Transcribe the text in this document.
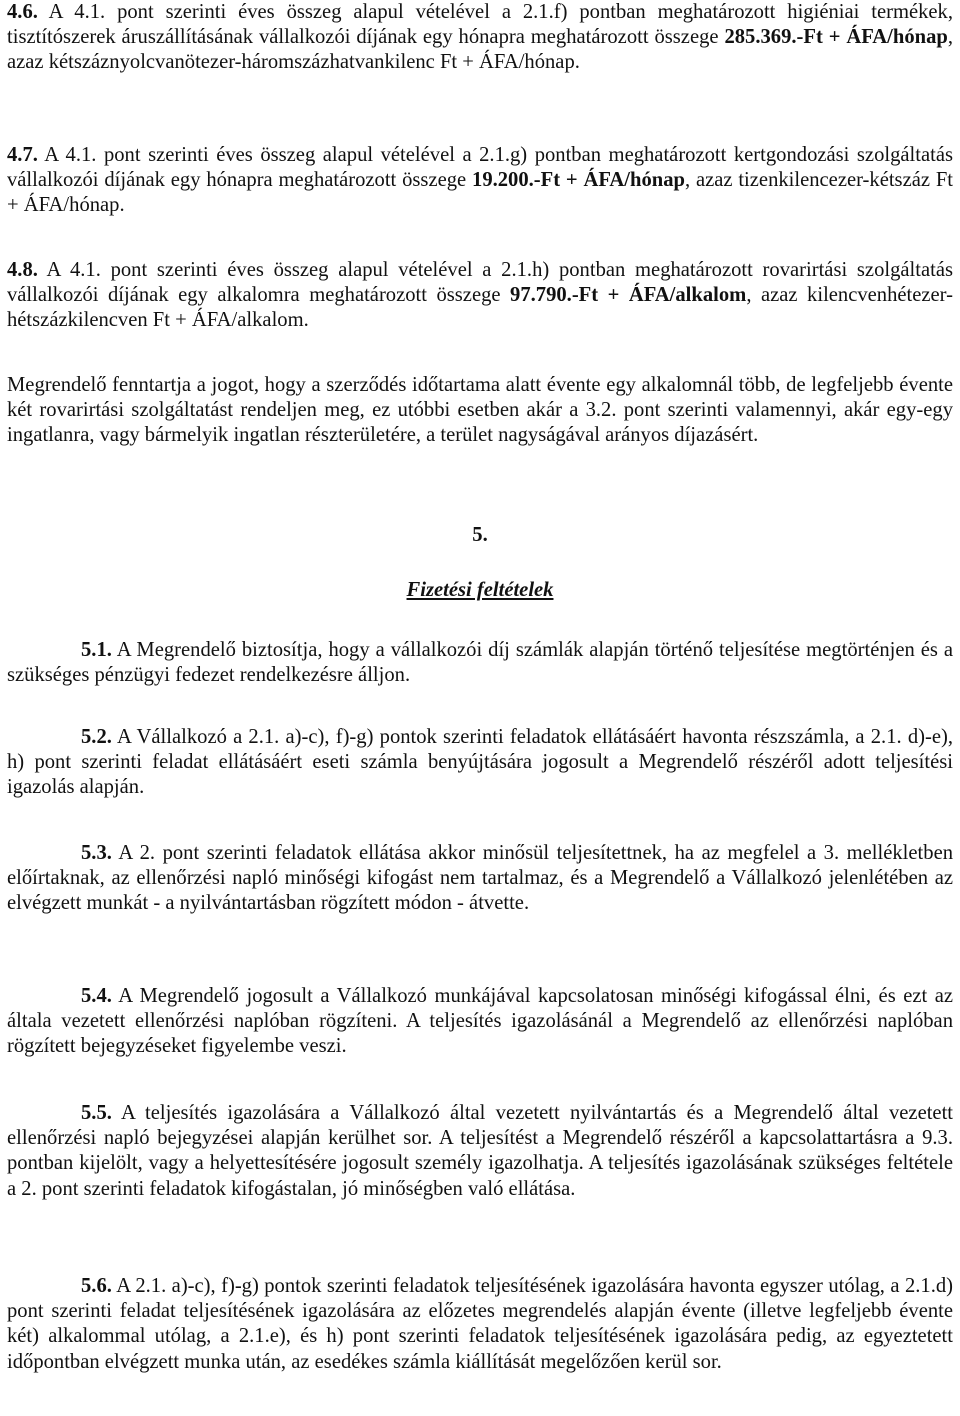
4.6. A 4.1. pont szerinti éves összeg alapul vételével a 2.1.f) pontban meghatározott higiéniai termékek, tisztítószerek áruszállításának vállalkozói díjának egy hónapra meghatározott összege 285.369.-Ft + ÁFA/hónap, azaz kétszáznyolcvanötezer-háromszázhatvankilenc Ft + ÁFA/hónap.

4.7. A 4.1. pont szerinti éves összeg alapul vételével a 2.1.g) pontban meghatározott kertgondozási szolgáltatás vállalkozói díjának egy hónapra meghatározott összege 19.200.-Ft + ÁFA/hónap, azaz tizenkilencezer-kétszáz Ft + ÁFA/hónap.

4.8. A 4.1. pont szerinti éves összeg alapul vételével a 2.1.h) pontban meghatározott rovarirtási szolgáltatás vállalkozói díjának egy alkalomra meghatározott összege 97.790.-Ft + ÁFA/alkalom, azaz kilencvenhétezer-hétszázkilencven Ft + ÁFA/alkalom.

Megrendelő fenntartja a jogot, hogy a szerződés időtartama alatt évente egy alkalomnál több, de legfeljebb évente két rovarirtási szolgáltatást rendeljen meg, ez utóbbi esetben akár a 3.2. pont szerinti valamennyi, akár egy-egy ingatlanra, vagy bármelyik ingatlan részterületére, a terület nagyságával arányos díjazásért.

5.

Fizetési feltételek

5.1. A Megrendelő biztosítja, hogy a vállalkozói díj számlák alapján történő teljesítése megtörténjen és a szükséges pénzügyi fedezet rendelkezésre álljon.

5.2. A Vállalkozó a 2.1. a)-c), f)-g) pontok szerinti feladatok ellátásáért havonta részszámla, a 2.1. d)-e), h) pont szerinti feladat ellátásáért eseti számla benyújtására jogosult a Megrendelő részéről adott teljesítési igazolás alapján.

5.3. A 2. pont szerinti feladatok ellátása akkor minősül teljesítettnek, ha az megfelel a 3. mellékletben előírtaknak, az ellenőrzési napló minőségi kifogást nem tartalmaz, és a Megrendelő a Vállalkozó jelenlétében az elvégzett munkát - a nyilvántartásban rögzített módon - átvette.

5.4. A Megrendelő jogosult a Vállalkozó munkájával kapcsolatosan minőségi kifogással élni, és ezt az általa vezetett ellenőrzési naplóban rögzíteni. A teljesítés igazolásánál a Megrendelő az ellenőrzési naplóban rögzített bejegyzéseket figyelembe veszi.

5.5. A teljesítés igazolására a Vállalkozó által vezetett nyilvántartás és a Megrendelő által vezetett ellenőrzési napló bejegyzései alapján kerülhet sor. A teljesítést a Megrendelő részéről a kapcsolattartásra a 9.3. pontban kijelölt, vagy a helyettesítésére jogosult személy igazolhatja. A teljesítés igazolásának szükséges feltétele a 2. pont szerinti feladatok kifogástalan, jó minőségben való ellátása.

5.6. A 2.1. a)-c), f)-g) pontok szerinti feladatok teljesítésének igazolására havonta egyszer utólag, a 2.1.d) pont szerinti feladat teljesítésének igazolására az előzetes megrendelés alapján évente (illetve legfeljebb évente két) alkalommal utólag, a 2.1.e), és h) pont szerinti feladatok teljesítésének igazolására pedig, az egyeztetett időpontban elvégzett munka után, az esedékes számla kiállítását megelőzően kerül sor.
